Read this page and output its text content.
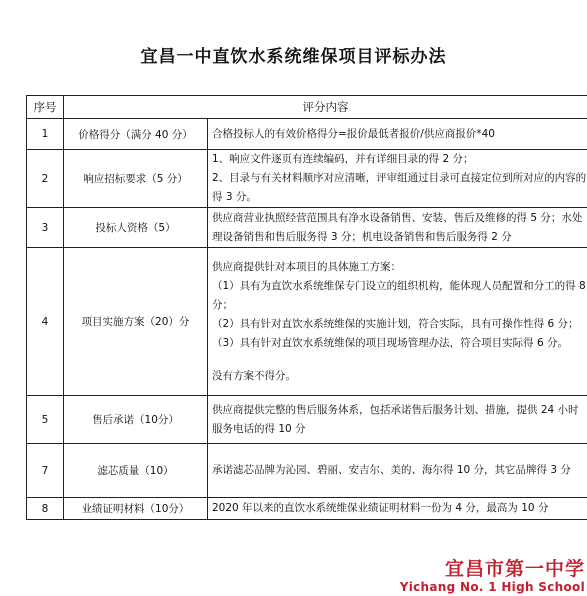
宜昌一中直饮水系统维保项目评标办法
序号	评分内容	
1	价格得分（满分 40 分）	合格投标人的有效价格得分=报价最低者报价/供应商报价*40

2	响应招标要求（5 分）	1、响应文件逐页有连续编码，并有详细目录的得 2 分；
2、目录与有关材料顺序对应清晰，评审组通过目录可直接定位到所对应的内容的得 3 分。

3	投标人资格（5）	供应商营业执照经营范围具有净水设备销售、安装、售后及维修的得 5 分；水处理设备销售和售后服务得 3 分；机电设备销售和售后服务得 2 分

4	项目实施方案（20）分	供应商提供针对本项目的具体施工方案：
（1）具有为直饮水系统维保专门设立的组织机构，能体现人员配置和分工的得 8 分；
（2）具有针对直饮水系统维保的实施计划，符合实际，具有可操作性得 6 分；
（3）具有针对直饮水系统维保的项目现场管理办法，符合项目实际得 6 分。
没有方案不得分。

5	售后承诺（10分）	供应商提供完整的售后服务体系，包括承诺售后服务计划、措施，提供 24 小时服务电话的得 10 分

7	滤芯质量（10）	承诺滤芯品牌为沁园、碧丽、安吉尔、美的、海尔得 10 分，其它品牌得 3 分

8	业绩证明材料（10分）	2020 年以来的直饮水系统维保业绩证明材料一份为 4 分，最高为 10 分
宜昌市第一中学
Yichang No. 1 High School
